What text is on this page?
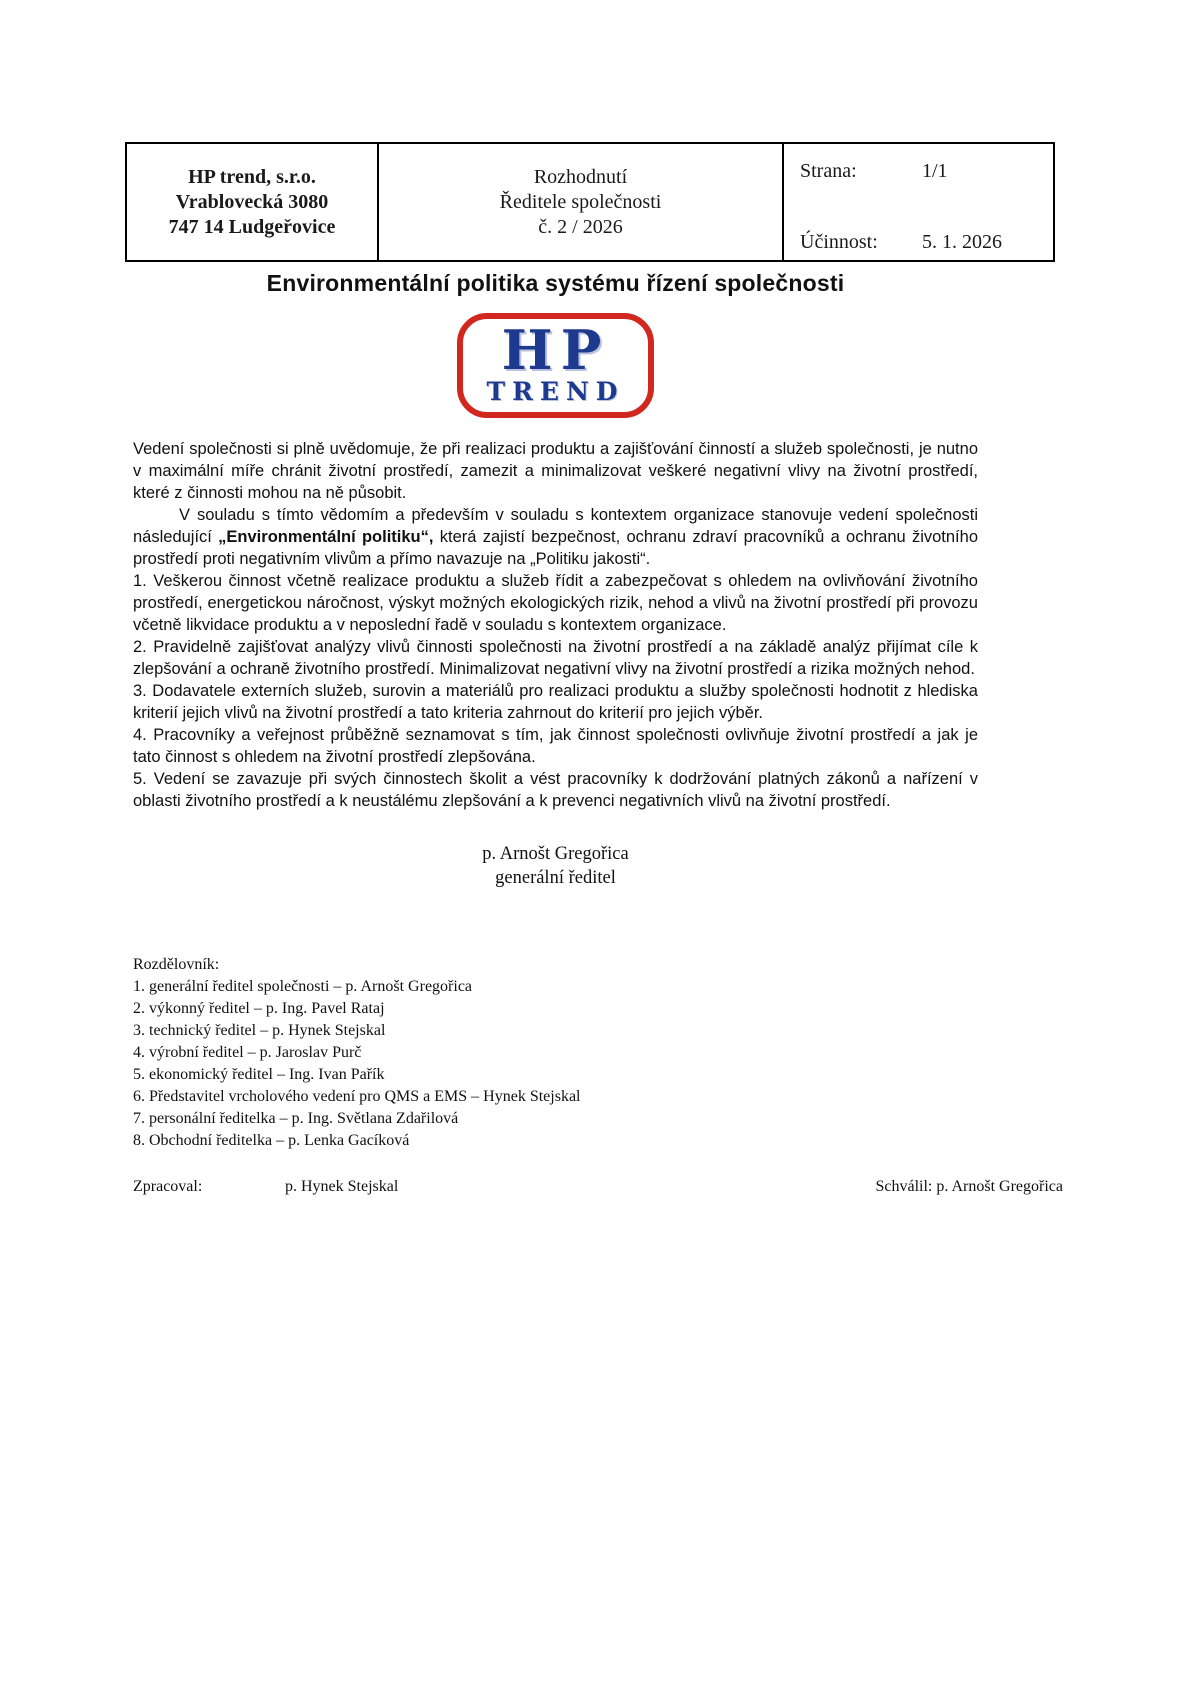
HP trend, s.r.o.
Vrablovecká 3080
747 14 Ludgeřovice
Rozhodnutí
Ředitele společnosti
č. 2 / 2026
Strana:	1/1
Účinnost:	5. 1. 2026
Environmentální politika systému řízení společnosti
HP
TREND

Vedení společnosti si plně uvědomuje, že při realizaci produktu a zajišťování činností a služeb společnosti, je nutno v maximální míře chránit životní prostředí, zamezit a minimalizovat veškeré negativní vlivy na životní prostředí, které z činnosti mohou na ně působit.

V souladu s tímto vědomím a především v souladu s kontextem organizace stanovuje vedení společnosti následující „Environmentální politiku“, která zajistí bezpečnost, ochranu zdraví pracovníků a ochranu životního prostředí proti negativním vlivům a přímo navazuje na „Politiku jakosti“.

1. Veškerou činnost včetně realizace produktu a služeb řídit a zabezpečovat s ohledem na ovlivňování životního prostředí, energetickou náročnost, výskyt možných ekologických rizik, nehod a vlivů na životní prostředí při provozu včetně likvidace produktu a v neposlední řadě v souladu s kontextem organizace.

2. Pravidelně zajišťovat analýzy vlivů činnosti společnosti na životní prostředí a na základě analýz přijímat cíle k zlepšování a ochraně životního prostředí. Minimalizovat negativní vlivy na životní prostředí a rizika možných nehod.

3. Dodavatele externích služeb, surovin a materiálů pro realizaci produktu a služby společnosti hodnotit z hlediska kriterií jejich vlivů na životní prostředí a tato kriteria zahrnout do kriterií pro jejich výběr.

4. Pracovníky a veřejnost průběžně seznamovat s tím, jak činnost společnosti ovlivňuje životní prostředí a jak je tato činnost s ohledem na životní prostředí zlepšována.

5. Vedení se zavazuje při svých činnostech školit a vést pracovníky k dodržování platných zákonů a nařízení v oblasti životního prostředí a k neustálému zlepšování a k prevenci negativních vlivů na životní prostředí.

p. Arnošt Gregořica
generální ředitel
Rozdělovník:
1. generální ředitel společnosti – p. Arnošt Gregořica
2. výkonný ředitel – p. Ing. Pavel Rataj
3. technický ředitel – p. Hynek Stejskal
4. výrobní ředitel – p. Jaroslav Purč
5. ekonomický ředitel – Ing. Ivan Pařík
6. Představitel vrcholového vedení pro QMS a EMS – Hynek Stejskal
7. personální ředitelka – p. Ing. Světlana Zdařilová
8. Obchodní ředitelka – p. Lenka Gacíková
Zpracoval:	p. Hynek Stejskal	Schválil: p. Arnošt Gregořica
